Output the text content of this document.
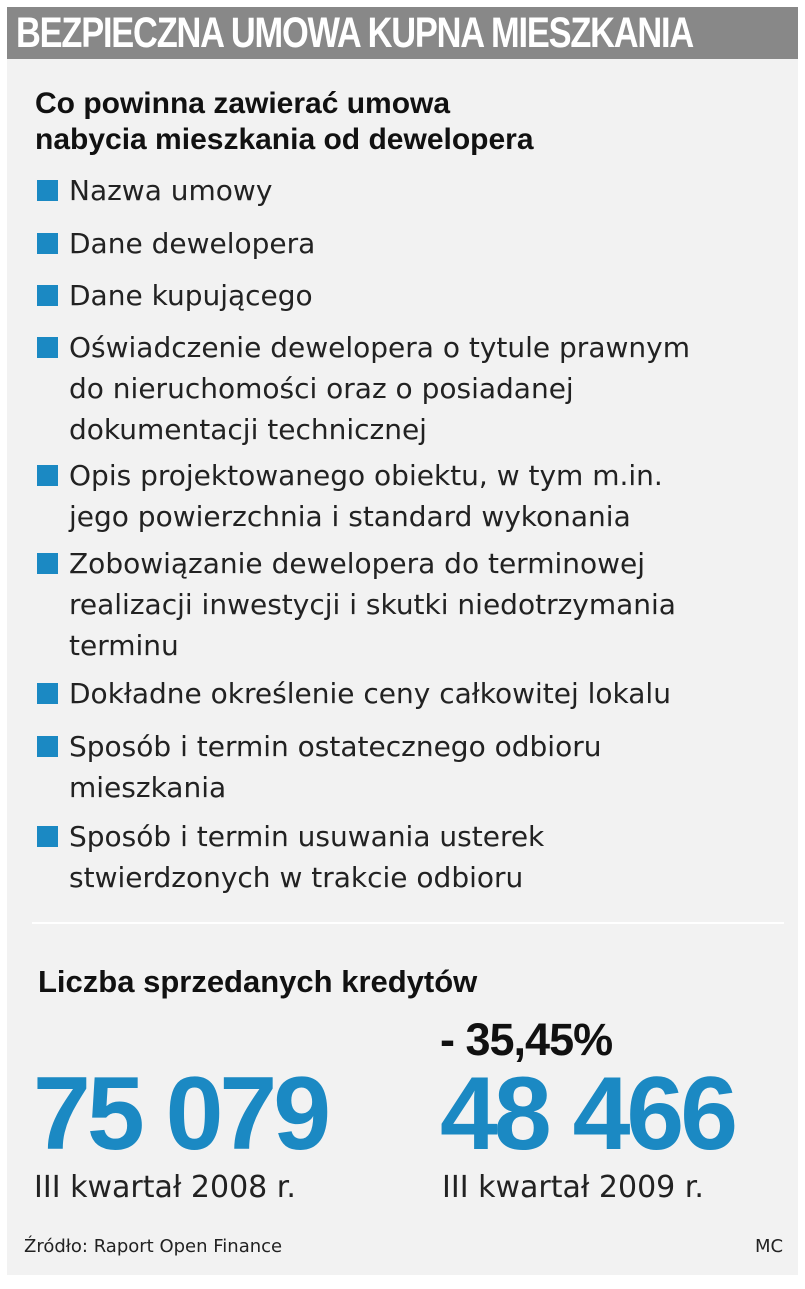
BEZPIECZNA UMOWA KUPNA MIESZKANIA
Co powinna zawierać umowa
nabycia mieszkania od dewelopera
Nazwa umowy
Dane dewelopera
Dane kupującego
Oświadczenie dewelopera o tytule prawnym
do nieruchomości oraz o posiadanej
dokumentacji technicznej
Opis projektowanego obiektu, w tym m.in.
jego powierzchnia i standard wykonania
Zobowiązanie dewelopera do terminowej
realizacji inwestycji i skutki niedotrzymania
terminu
Dokładne określenie ceny całkowitej lokalu
Sposób i termin ostatecznego odbioru
mieszkania
Sposób i termin usuwania usterek
stwierdzonych w trakcie odbioru
Liczba sprzedanych kredytów
- 35,45%
75 079 48 466
III kwartał 2008 r.	III kwartał 2009 r.
Źródło: Raport Open Finance	MC
